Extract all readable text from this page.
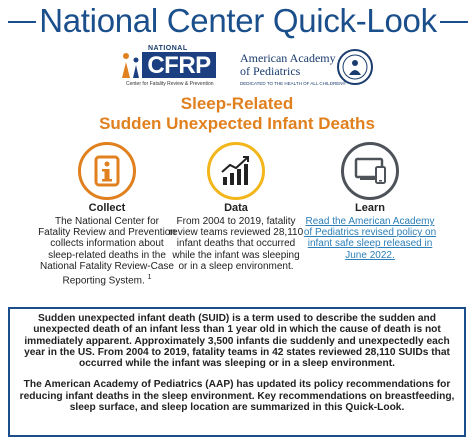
National Center Quick-Look
NATIONAL
CFRP
Center for Fatality Review & Prevention
American Academy of Pediatrics
DEDICATED TO THE HEALTH OF ALL CHILDREN®
Sleep-Related
Sudden Unexpected Infant Deaths
Collect
The National Center for Fatality Review and Prevention collects information about sleep-related deaths in the National Fatality Review-Case Reporting System. $^1$
Data
From 2004 to 2019, fatality review teams reviewed 28,110 infant deaths that occurred while the infant was sleeping or in a sleep environment.
Learn
Read the American Academy of Pediatrics revised policy on infant safe sleep released in June 2022.

Sudden unexpected infant death (SUID) is a term used to describe the sudden and unexpected death of an infant less than 1 year old in which the cause of death is not immediately apparent. Approximately 3,500 infants die suddenly and unexpectedly each year in the US. From 2004 to 2019, fatality teams in 42 states reviewed 28,110 SUIDs that occurred while the infant was sleeping or in a sleep environment.

The American Academy of Pediatrics (AAP) has updated its policy recommendations for reducing infant deaths in the sleep environment. Key recommendations on breastfeeding, sleep surface, and sleep location are summarized in this Quick-Look.
